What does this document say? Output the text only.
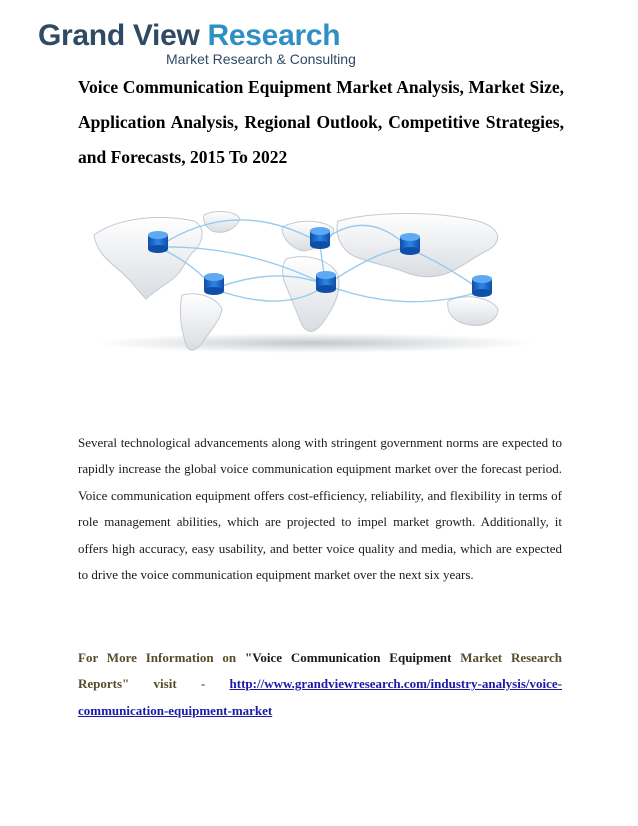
Grand View Research
Market Research & Consulting
Voice Communication Equipment Market Analysis, Market Size, Application Analysis, Regional Outlook, Competitive Strategies, and Forecasts, 2015 To 2022

Several technological advancements along with stringent government norms are expected to rapidly increase the global voice communication equipment market over the forecast period. Voice communication equipment offers cost-efficiency, reliability, and flexibility in terms of role management abilities, which are projected to impel market growth. Additionally, it offers high accuracy, easy usability, and better voice quality and media, which are expected to drive the voice communication equipment market over the next six years.

For More Information on "Voice Communication Equipment Market Research Reports" visit - http://www.grandviewresearch.com/industry-analysis/voice-communication-equipment-market
